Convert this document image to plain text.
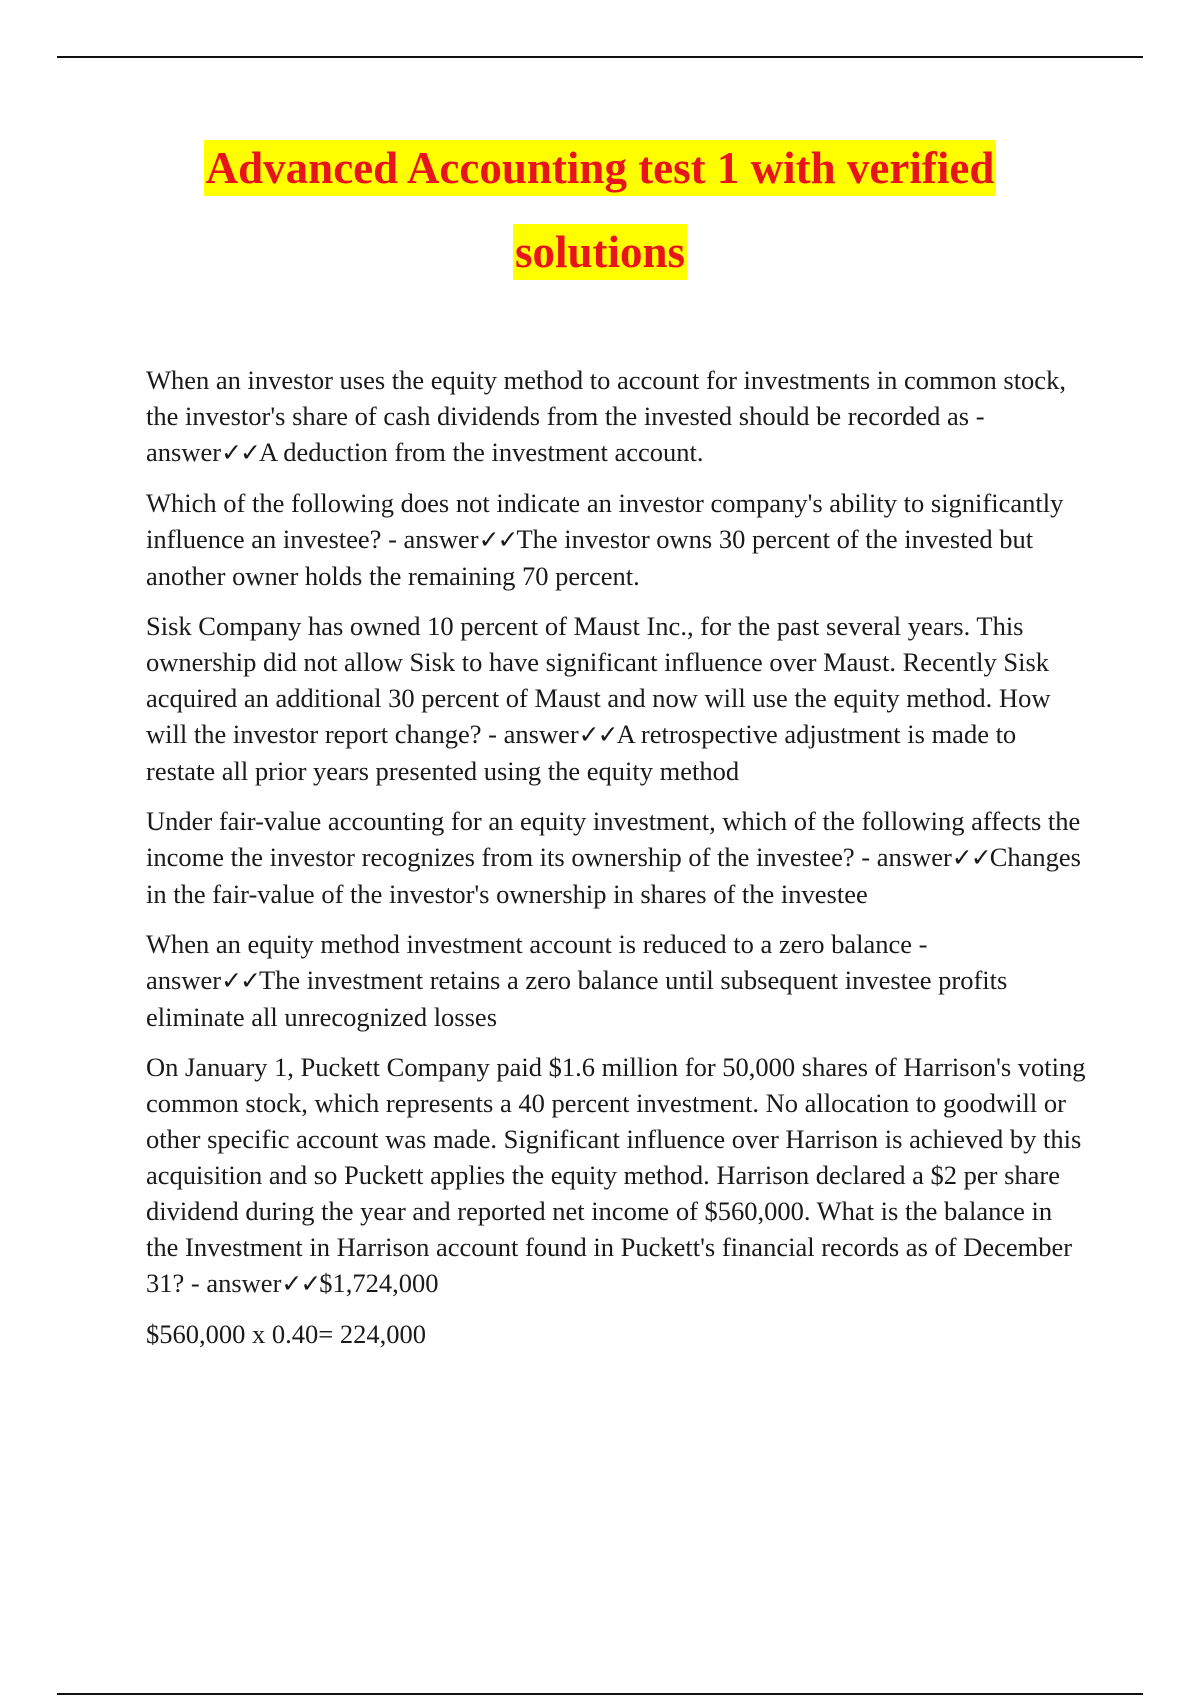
Advanced Accounting test 1 with verified
solutions

When an investor uses the equity method to account for investments in common stock, the investor's share of cash dividends from the invested should be recorded as - answer✓✓A deduction from the investment account.

Which of the following does not indicate an investor company's ability to significantly influence an investee? - answer✓✓The investor owns 30 percent of the invested but another owner holds the remaining 70 percent.

Sisk Company has owned 10 percent of Maust Inc., for the past several years. This ownership did not allow Sisk to have significant influence over Maust. Recently Sisk acquired an additional 30 percent of Maust and now will use the equity method. How will the investor report change? - answer✓✓A retrospective adjustment is made to restate all prior years presented using the equity method

Under fair-value accounting for an equity investment, which of the following affects the income the investor recognizes from its ownership of the investee? - answer✓✓Changes in the fair-value of the investor's ownership in shares of the investee

When an equity method investment account is reduced to a zero balance - answer✓✓The investment retains a zero balance until subsequent investee profits eliminate all unrecognized losses

On January 1, Puckett Company paid $1.6 million for 50,000 shares of Harrison's voting common stock, which represents a 40 percent investment. No allocation to goodwill or other specific account was made. Significant influence over Harrison is achieved by this acquisition and so Puckett applies the equity method. Harrison declared a $2 per share dividend during the year and reported net income of $560,000. What is the balance in the Investment in Harrison account found in Puckett's financial records as of December 31? - answer✓✓$1,724,000

$560,000 x 0.40= 224,000
